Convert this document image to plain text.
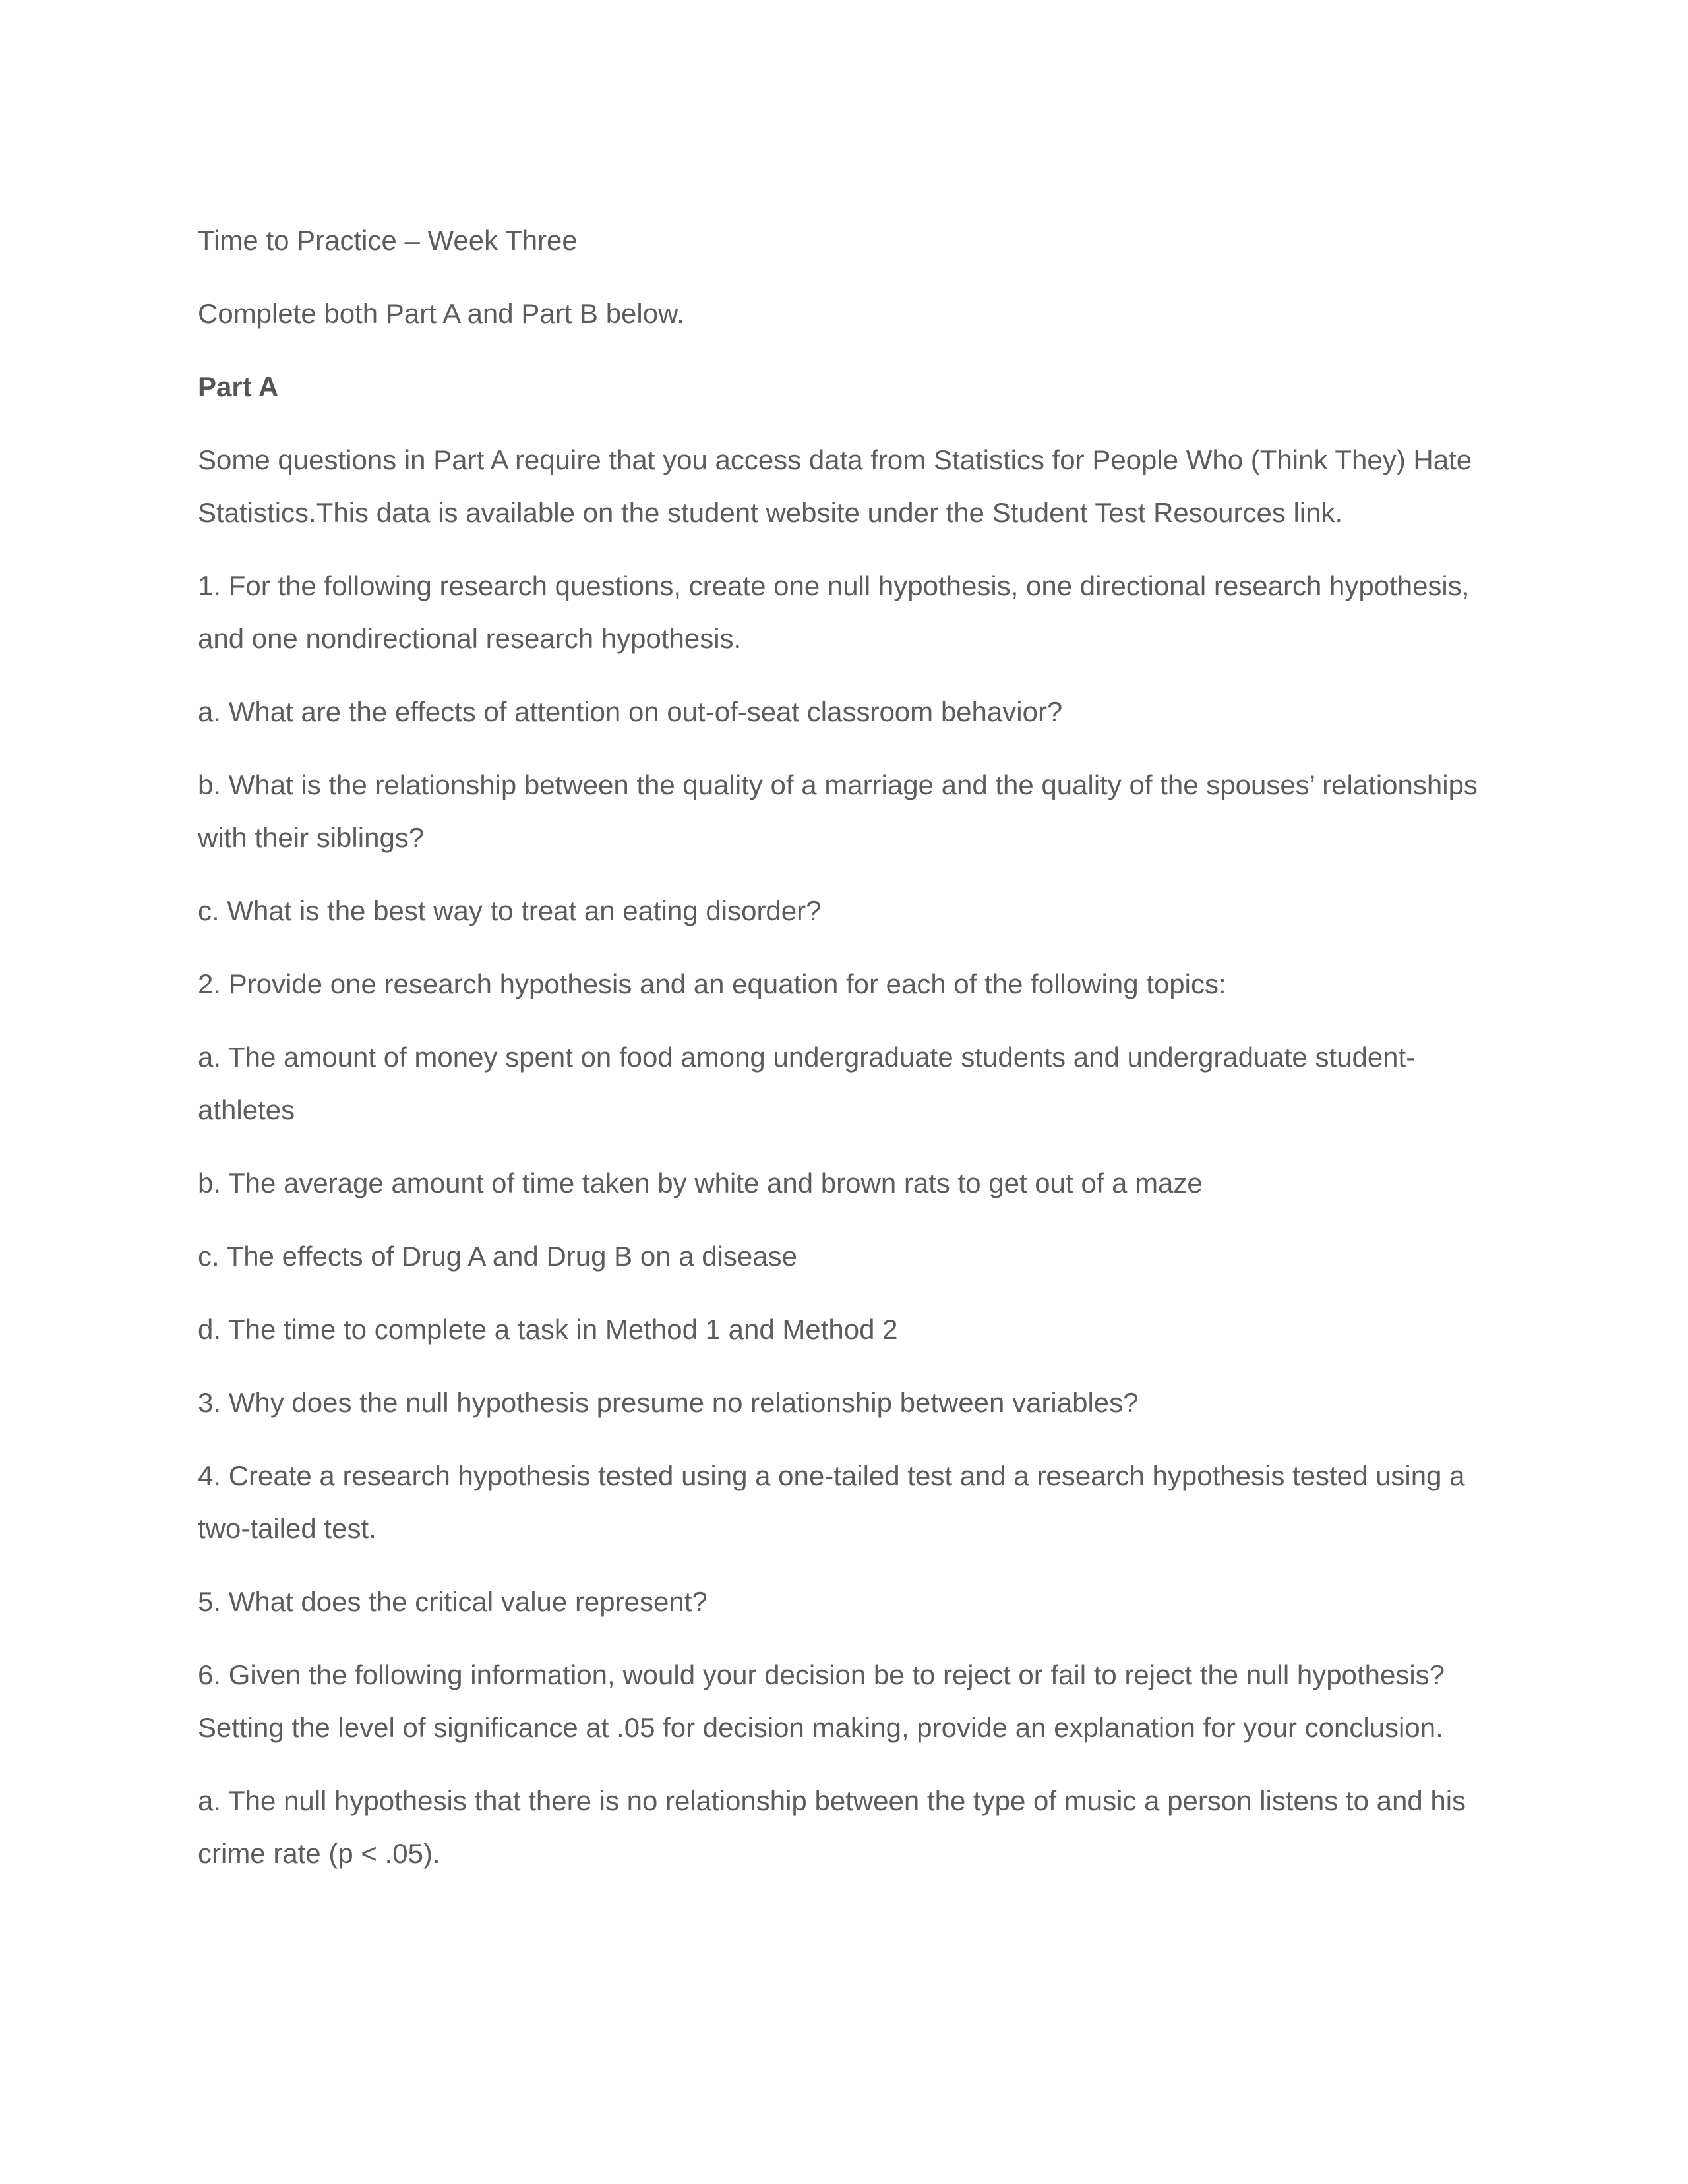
Time to Practice – Week Three

Complete both Part A and Part B below.

Part A

Some questions in Part A require that you access data from Statistics for People Who (Think They) Hate Statistics.This data is available on the student website under the Student Test Resources link.

1. For the following research questions, create one null hypothesis, one directional research hypothesis, and one nondirectional research hypothesis.

a. What are the effects of attention on out-of-seat classroom behavior?

b. What is the relationship between the quality of a marriage and the quality of the spouses’ relationships with their siblings?

c. What is the best way to treat an eating disorder?

2. Provide one research hypothesis and an equation for each of the following topics:

a. The amount of money spent on food among undergraduate students and undergraduate student-athletes

b. The average amount of time taken by white and brown rats to get out of a maze

c. The effects of Drug A and Drug B on a disease

d. The time to complete a task in Method 1 and Method 2

3. Why does the null hypothesis presume no relationship between variables?

4. Create a research hypothesis tested using a one-tailed test and a research hypothesis tested using a two-tailed test.

5. What does the critical value represent?

6. Given the following information, would your decision be to reject or fail to reject the null hypothesis? Setting the level of significance at .05 for decision making, provide an explanation for your conclusion.

a. The null hypothesis that there is no relationship between the type of music a person listens to and his crime rate (p < .05).
